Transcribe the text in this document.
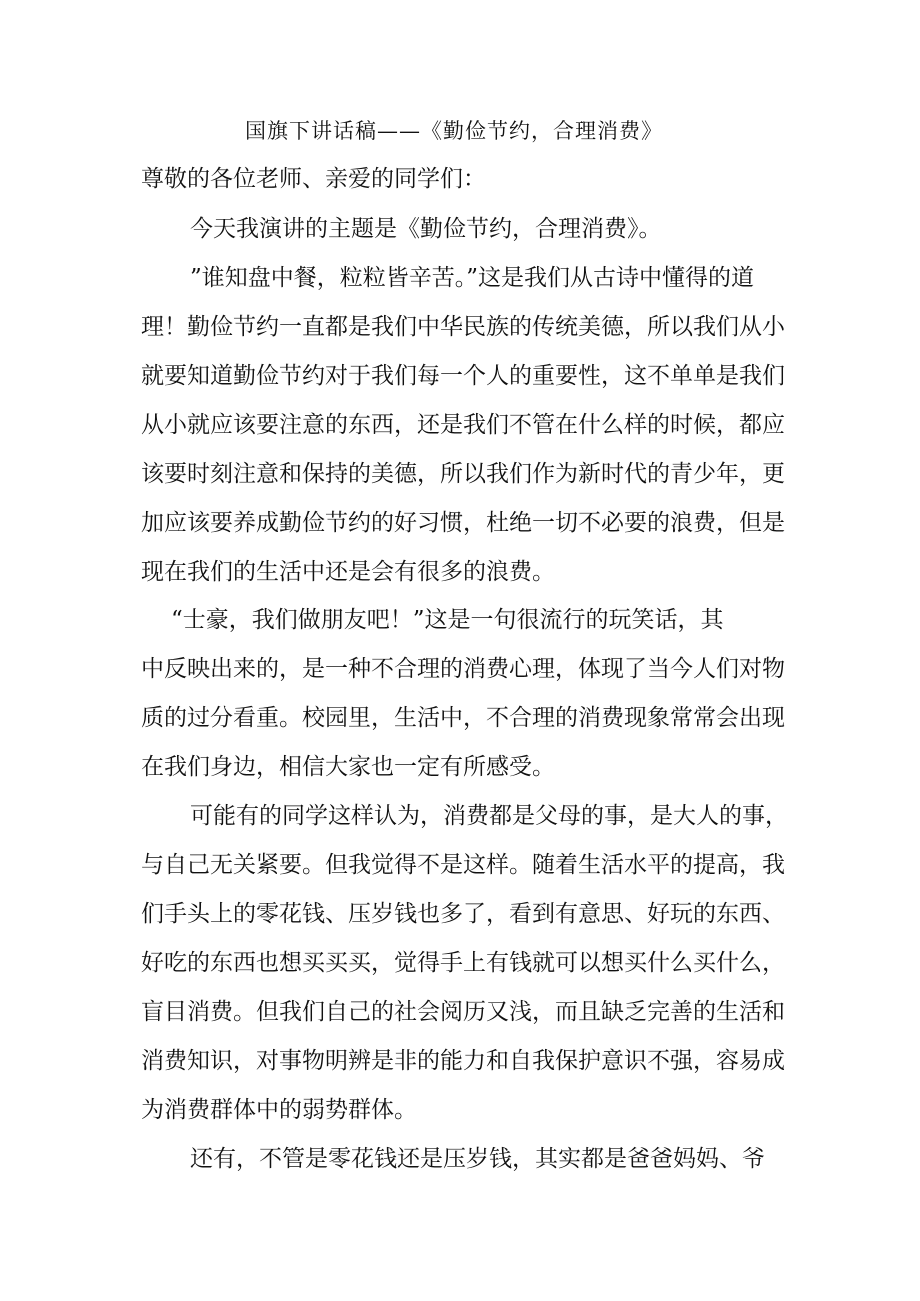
国旗下讲话稿——《勤俭节约，合理消费》
尊敬的各位老师、亲爱的同学们：
今天我演讲的主题是《勤俭节约，合理消费》。
”谁知盘中餐，粒粒皆辛苦。”这是我们从古诗中懂得的道
理！勤俭节约一直都是我们中华民族的传统美德，所以我们从小
就要知道勤俭节约对于我们每一个人的重要性，这不单单是我们
从小就应该要注意的东西，还是我们不管在什么样的时候，都应
该要时刻注意和保持的美德，所以我们作为新时代的青少年，更
加应该要养成勤俭节约的好习惯，杜绝一切不必要的浪费，但是
现在我们的生活中还是会有很多的浪费。
“士豪，我们做朋友吧！”这是一句很流行的玩笑话，其
中反映出来的，是一种不合理的消费心理，体现了当今人们对物
质的过分看重。校园里，生活中，不合理的消费现象常常会出现
在我们身边，相信大家也一定有所感受。
可能有的同学这样认为，消费都是父母的事，是大人的事，
与自己无关紧要。但我觉得不是这样。随着生活水平的提高，我
们手头上的零花钱、压岁钱也多了，看到有意思、好玩的东西、
好吃的东西也想买买买，觉得手上有钱就可以想买什么买什么，
盲目消费。但我们自己的社会阅历又浅，而且缺乏完善的生活和
消费知识，对事物明辨是非的能力和自我保护意识不强，容易成
为消费群体中的弱势群体。
还有，不管是零花钱还是压岁钱，其实都是爸爸妈妈、爷
